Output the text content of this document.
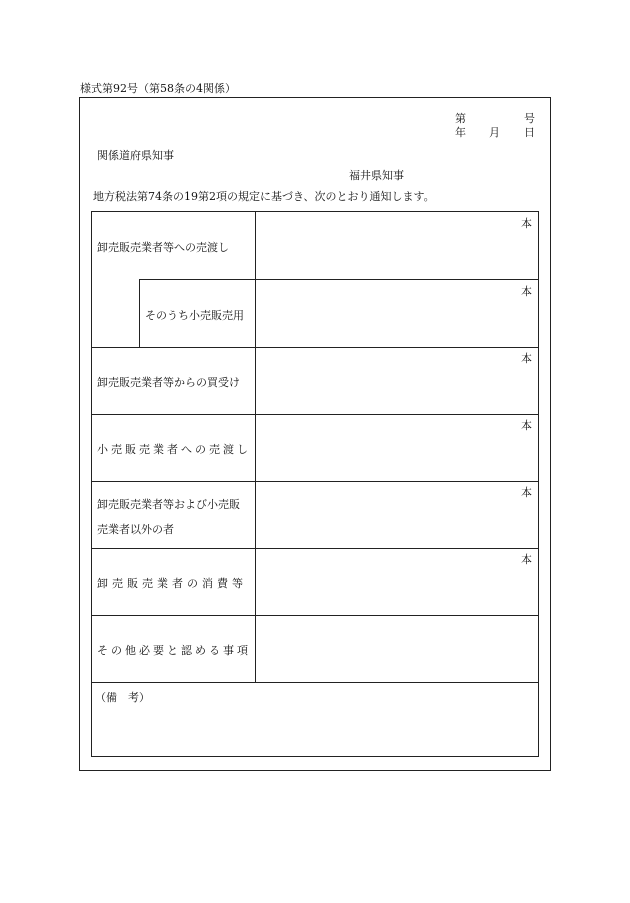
様式第92号（第58条の4関係）
第	号
年 月 日
関係道府県知事
福井県知事
地方税法第74条の19第2項の規定に基づき、次のとおり通知します。
卸売販売業者等への売渡し
本
そのうち小売販売用
本
卸売販売業者等からの買受け
本
小売販売業者への売渡し
本
卸売販売業者等および小売販
売業者以外の者
本
卸売販売業者の消費等
本
その他必要と認める事項
（備　考）
